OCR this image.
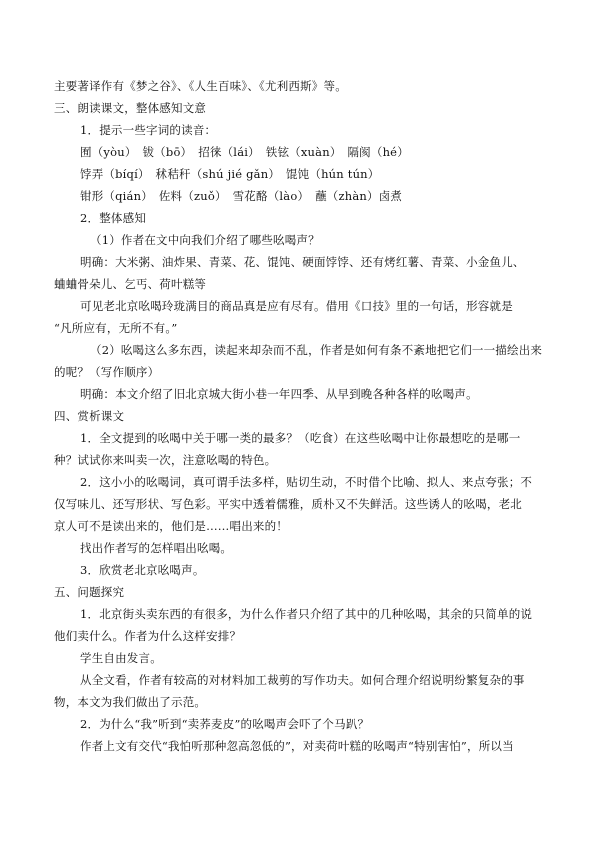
主要著译作有《梦之谷》、《人生百味》、《尤利西斯》等。
三、朗读课文，整体感知文意
1．提示一些字词的读音：
囿（yòu）　钹（bō）　招徕（lái）　铁铉（xuàn）　隔阂（hé）
饽弄（bíqí）　秫秸秆（shú jié gǎn）　馄饨（hún tún）
钳形（qián）　佐料（zuǒ）　雪花酪（lào）　蘸（zhàn）卤煮
2．整体感知
（1）作者在文中向我们介绍了哪些吆喝声？
明确：大米粥、油炸果、青菜、花、馄饨、硬面饽饽、还有烤红薯、青菜、小金鱼儿、
蛐蛐骨朵儿、乞丐、荷叶糕等
可见老北京吆喝玲珑满目的商品真是应有尽有。借用《口技》里的一句话，形容就是
“凡所应有，无所不有。”
（2）吆喝这么多东西，读起来却杂而不乱，作者是如何有条不紊地把它们一一描绘出来
的呢？（写作顺序）
明确：本文介绍了旧北京城大街小巷一年四季、从早到晚各种各样的吆喝声。
四、赏析课文
1．全文提到的吆喝中关于哪一类的最多？（吃食）在这些吆喝中让你最想吃的是哪一
种？试试你来叫卖一次，注意吆喝的特色。
2．这小小的吆喝词，真可谓手法多样，贴切生动，不时借个比喻、拟人、来点夸张；不
仅写味儿、还写形状、写色彩。平实中透着儒雅，质朴又不失鲜活。这些诱人的吆喝，老北
京人可不是读出来的，他们是……唱出来的！
找出作者写的怎样唱出吆喝。
3．欣赏老北京吆喝声。
五、问题探究
1．北京街头卖东西的有很多，为什么作者只介绍了其中的几种吆喝，其余的只简单的说
他们卖什么。作者为什么这样安排？
学生自由发言。
从全文看，作者有较高的对材料加工裁剪的写作功夫。如何合理介绍说明纷繁复杂的事
物，本文为我们做出了示范。
2．为什么“我”听到“卖荞麦皮”的吆喝声会吓了个马趴？
作者上文有交代“我怕听那种忽高忽低的”，对卖荷叶糕的吆喝声“特别害怕”，所以当
